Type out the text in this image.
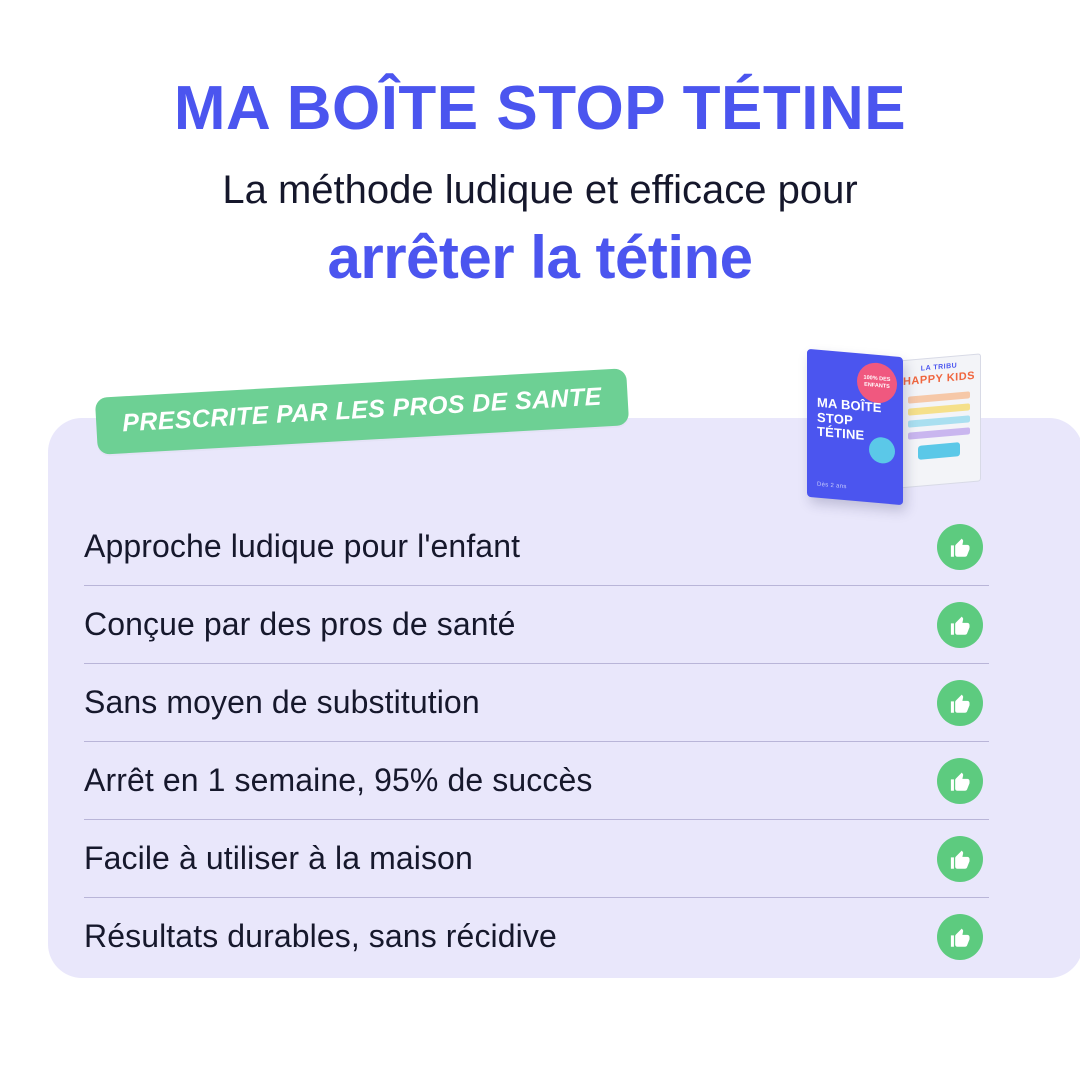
MA BOÎTE STOP TÉTINE

La méthode ludique et efficace pour

arrêter la tétine

PRESCRITE PAR LES PROS DE SANTE
LA TRIBU
HAPPY KIDS
100% DES ENFANTS
MA BOÎTE STOP TÉTINE
Dès 2 ans
Approche ludique pour l'enfant
Conçue par des pros de santé
Sans moyen de substitution
Arrêt en 1 semaine, 95% de succès
Facile à utiliser à la maison
Résultats durables, sans récidive
